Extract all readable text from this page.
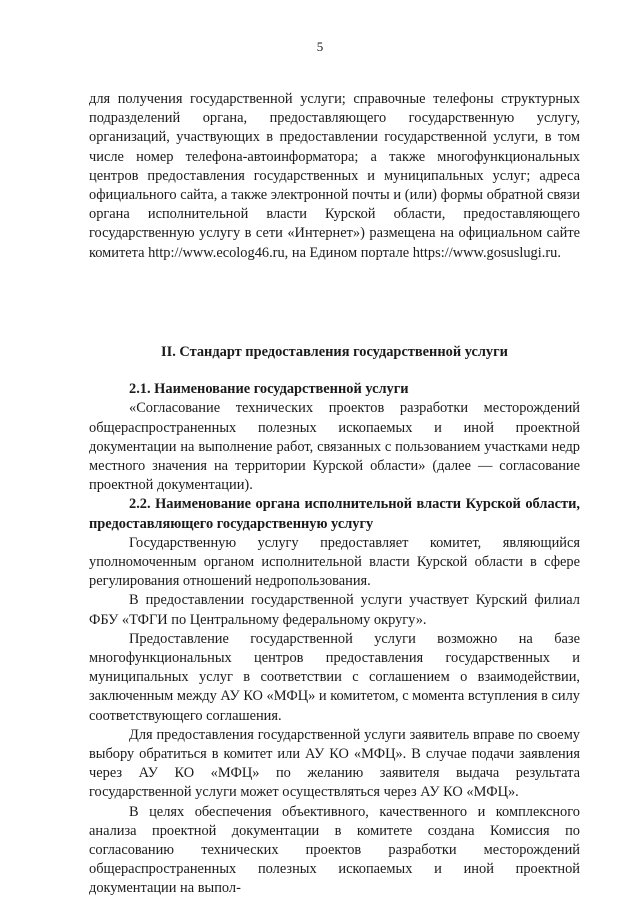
5

для получения государственной услуги; справочные телефоны структурных подразделений органа, предоставляющего государственную услугу, организаций, участвующих в предоставлении государственной услуги, в том числе номер телефона-автоинформатора; а также многофункциональных центров предоставления государственных и муниципальных услуг; адреса официального сайта, а также электронной почты и (или) формы обратной связи органа исполнительной власти Курской области, предоставляющего государственную услугу в сети «Интернет») размещена на официальном сайте комитета http://www.ecolog46.ru, на Едином портале https://www.gosuslugi.ru.

II. Стандарт предоставления государственной услуги
2.1. Наименование государственной услуги

«Согласование технических проектов разработки месторождений общераспространенных полезных ископаемых и иной проектной документации на выполнение работ, связанных с пользованием участками недр местного значения на территории Курской области» (далее — согласование проектной документации).

2.2. Наименование органа исполнительной власти Курской области, предоставляющего государственную услугу

Государственную услугу предоставляет комитет, являющийся уполномоченным органом исполнительной власти Курской области в сфере регулирования отношений недропользования.

В предоставлении государственной услуги участвует Курский филиал ФБУ «ТФГИ по Центральному федеральному округу».

Предоставление государственной услуги возможно на базе многофункциональных центров предоставления государственных и муниципальных услуг в соответствии с соглашением о взаимодействии, заключенным между АУ КО «МФЦ» и комитетом, с момента вступления в силу соответствующего соглашения.

Для предоставления государственной услуги заявитель вправе по своему выбору обратиться в комитет или АУ КО «МФЦ». В случае подачи заявления через АУ КО «МФЦ» по желанию заявителя выдача результата государственной услуги может осуществляться через АУ КО «МФЦ».

В целях обеспечения объективного, качественного и комплексного анализа проектной документации в комитете создана Комиссия по согласованию технических проектов разработки месторождений общераспространенных полезных ископаемых и иной проектной документации на выпол-
